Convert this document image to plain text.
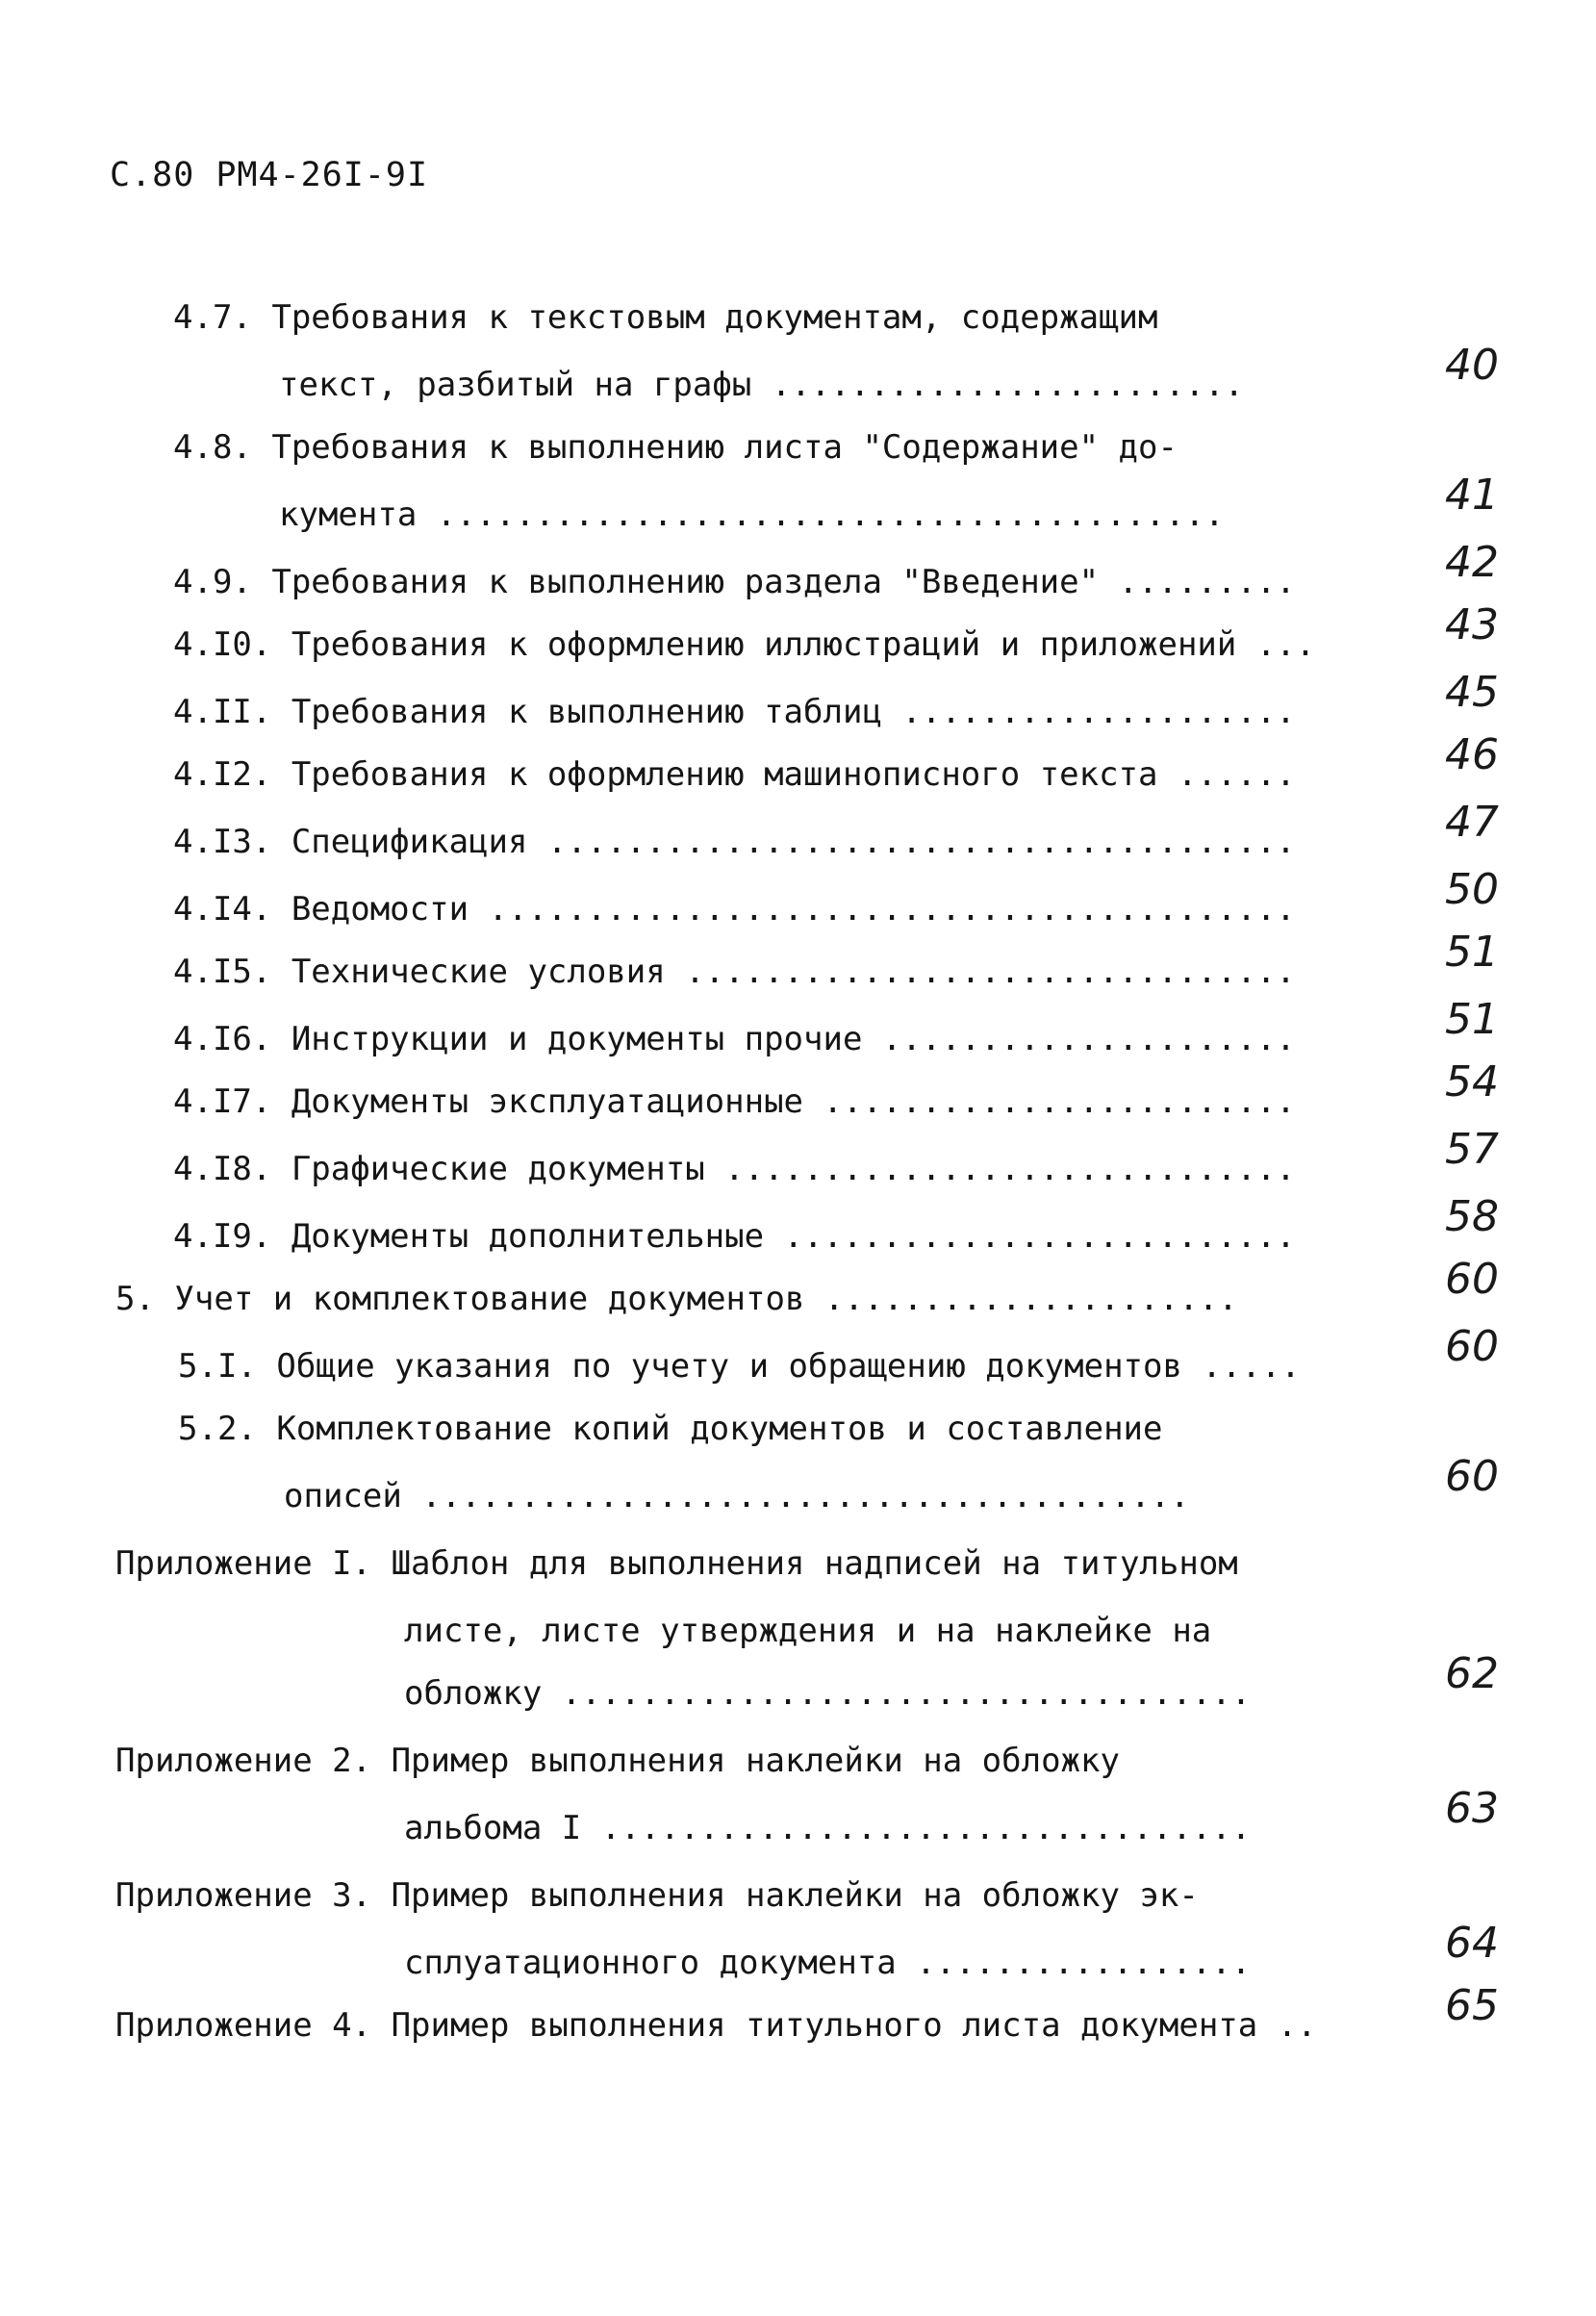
С.80 РМ4-26I-9I
4.7. Требования к текстовым документам, содержащим
текст, разбитый на графы ........................	40
4.8. Требования к выполнению листа "Содержание" до-
кумента ........................................	41
4.9. Требования к выполнению раздела "Введение" .........	42
4.I0. Требования к оформлению иллюстраций и приложений ...	43
4.II. Требования к выполнению таблиц ....................	45
4.I2. Требования к оформлению машинописного текста ......	46
4.I3. Спецификация ......................................	47
4.I4. Ведомости .........................................	50
4.I5. Технические условия ...............................	51
4.I6. Инструкции и документы прочие .....................	51
4.I7. Документы эксплуатационные ........................	54
4.I8. Графические документы .............................	57
4.I9. Документы дополнительные ..........................	58
5. Учет и комплектование документов .....................	60
5.I. Общие указания по учету и обращению документов .....	60
5.2. Комплектование копий документов и составление
описей .......................................	60
Приложение I. Шаблон для выполнения надписей на титульном
листе, листе утверждения и на наклейке на
обложку ...................................	62
Приложение 2. Пример выполнения наклейки на обложку
альбома I .................................	63
Приложение 3. Пример выполнения наклейки на обложку эк-
сплуатационного документа .................	64
Приложение 4. Пример выполнения титульного листа документа ..	65
